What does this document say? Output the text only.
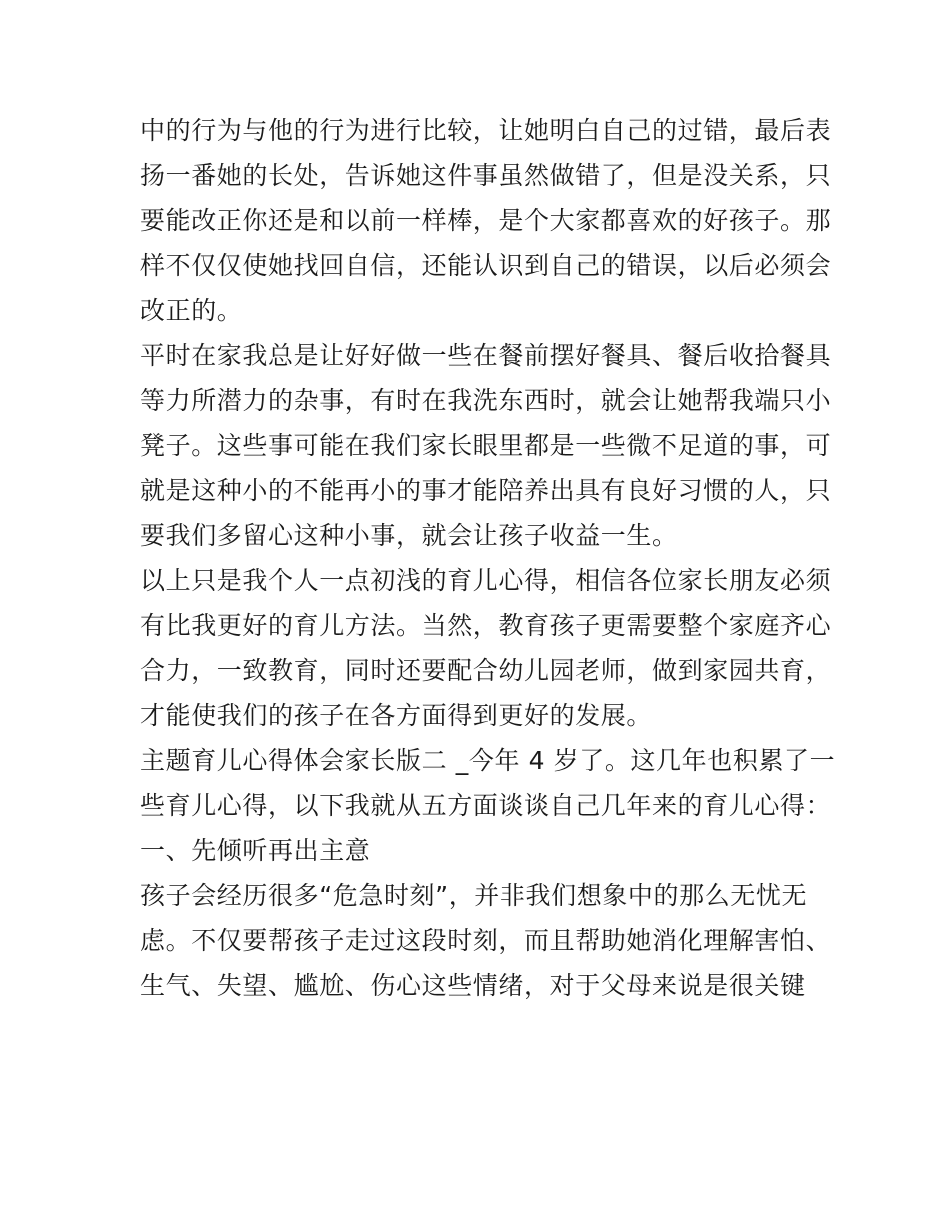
中的行为与他的行为进行比较，让她明白自己的过错，最后表
扬一番她的长处，告诉她这件事虽然做错了，但是没关系，只
要能改正你还是和以前一样棒，是个大家都喜欢的好孩子。那
样不仅仅使她找回自信，还能认识到自己的错误，以后必须会
改正的。
平时在家我总是让好好做一些在餐前摆好餐具、餐后收拾餐具
等力所潜力的杂事，有时在我洗东西时，就会让她帮我端只小
凳子。这些事可能在我们家长眼里都是一些微不足道的事，可
就是这种小的不能再小的事才能陪养出具有良好习惯的人，只
要我们多留心这种小事，就会让孩子收益一生。
以上只是我个人一点初浅的育儿心得，相信各位家长朋友必须
有比我更好的育儿方法。当然，教育孩子更需要整个家庭齐心
合力，一致教育，同时还要配合幼儿园老师，做到家园共育，
才能使我们的孩子在各方面得到更好的发展。
主题育儿心得体会家长版二 _今年 4 岁了。这几年也积累了一
些育儿心得，以下我就从五方面谈谈自己几年来的育儿心得：
一、先倾听再出主意
孩子会经历很多“危急时刻”，并非我们想象中的那么无忧无
虑。不仅要帮孩子走过这段时刻，而且帮助她消化理解害怕、
生气、失望、尴尬、伤心这些情绪，对于父母来说是很关键
